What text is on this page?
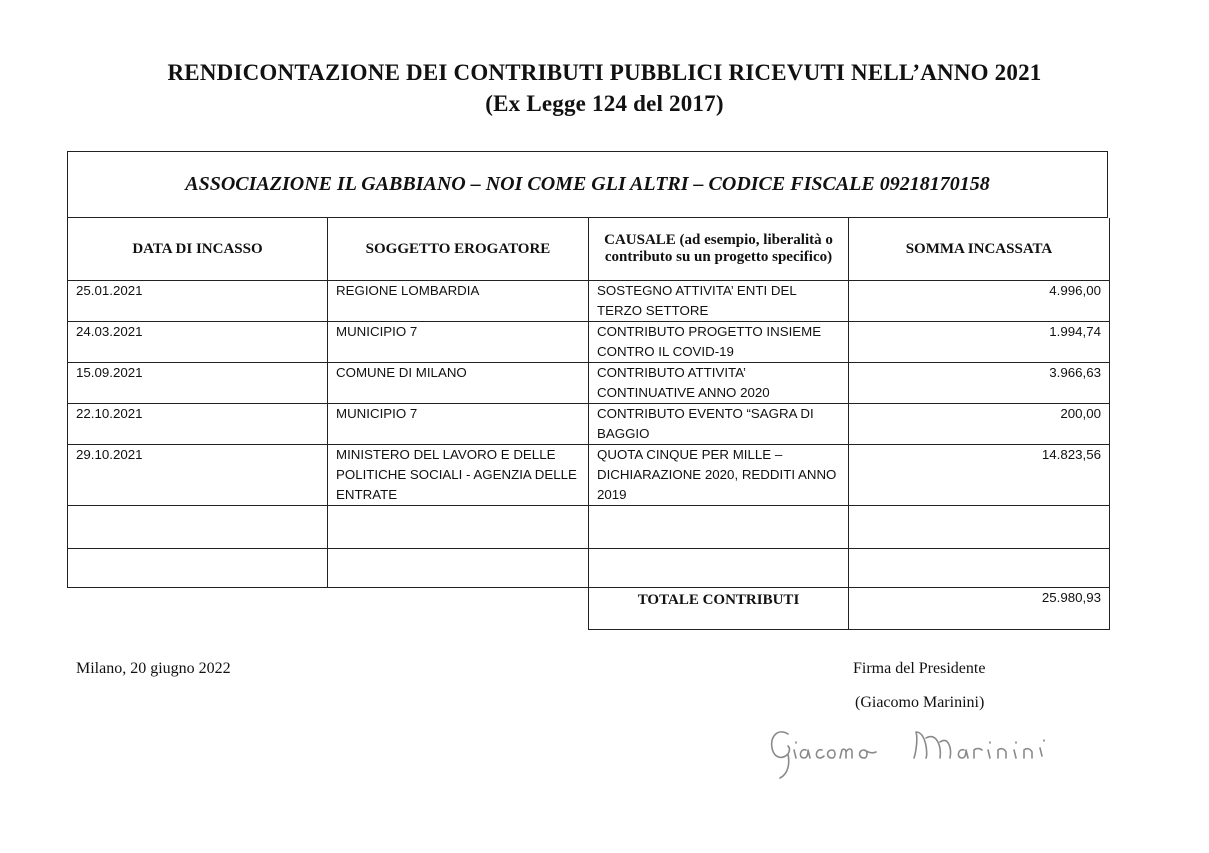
RENDICONTAZIONE DEI CONTRIBUTI PUBBLICI RICEVUTI NELL’ANNO 2021
(Ex Legge 124 del 2017)
ASSOCIAZIONE IL GABBIANO – NOI COME GLI ALTRI – CODICE FISCALE 09218170158
DATA DI INCASSO	SOGGETTO EROGATORE	CAUSALE (ad esempio, liberalità o contributo su un progetto specifico)	SOMMA INCASSATA
25.01.2021	REGIONE LOMBARDIA	SOSTEGNO ATTIVITA’ ENTI DEL TERZO SETTORE	4.996,00
24.03.2021	MUNICIPIO 7	CONTRIBUTO PROGETTO INSIEME CONTRO IL COVID-19	1.994,74
15.09.2021	COMUNE DI MILANO	CONTRIBUTO ATTIVITA’ CONTINUATIVE ANNO 2020	3.966,63
22.10.2021	MUNICIPIO 7	CONTRIBUTO EVENTO “SAGRA DI BAGGIO	200,00
29.10.2021	MINISTERO DEL LAVORO E DELLE POLITICHE SOCIALI - AGENZIA DELLE ENTRATE	QUOTA CINQUE PER MILLE – DICHIARAZIONE 2020, REDDITI ANNO 2019	14.823,56

		TOTALE CONTRIBUTI	25.980,93
Milano, 20 giugno 2022	Firma del Presidente
(Giacomo Marinini)
